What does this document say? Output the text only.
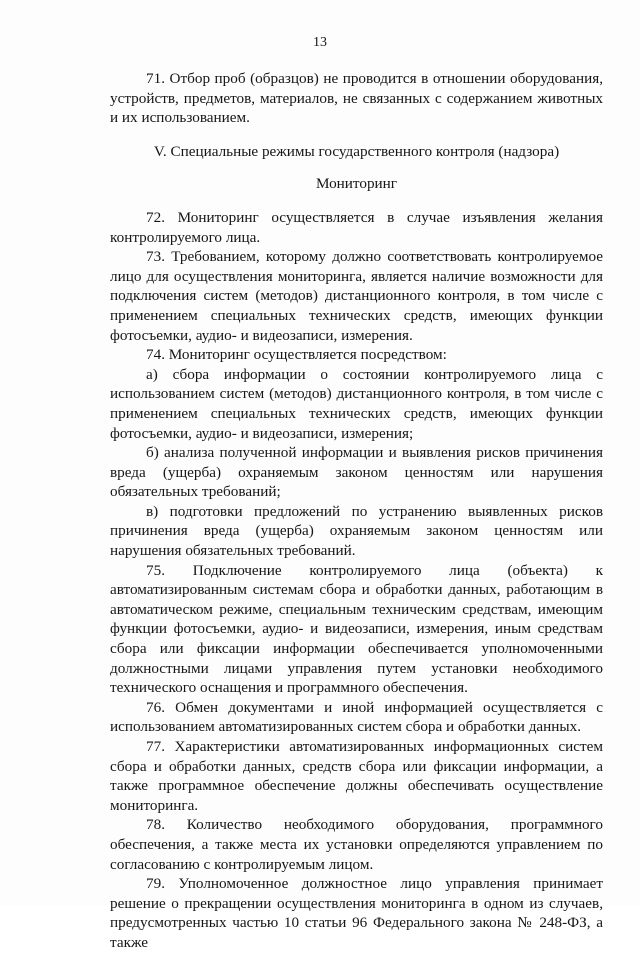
13

71. Отбор проб (образцов) не проводится в отношении оборудования, устройств, предметов, материалов, не связанных с содержанием животных и их использованием.

V. Специальные режимы государственного контроля (надзора)

Мониторинг

72. Мониторинг осуществляется в случае изъявления желания контролируемого лица.

73. Требованием, которому должно соответствовать контролируемое лицо для осуществления мониторинга, является наличие возможности для подключения систем (методов) дистанционного контроля, в том числе с применением специальных технических средств, имеющих функции фотосъемки, аудио- и видеозаписи, измерения.

74. Мониторинг осуществляется посредством:

а) сбора информации о состоянии контролируемого лица с использованием систем (методов) дистанционного контроля, в том числе с применением специальных технических средств, имеющих функции фотосъемки, аудио- и видеозаписи, измерения;

б) анализа полученной информации и выявления рисков причинения вреда (ущерба) охраняемым законом ценностям или нарушения обязательных требований;

в) подготовки предложений по устранению выявленных рисков причинения вреда (ущерба) охраняемым законом ценностям или нарушения обязательных требований.

75. Подключение контролируемого лица (объекта) к автоматизированным системам сбора и обработки данных, работающим в автоматическом режиме, специальным техническим средствам, имеющим функции фотосъемки, аудио- и видеозаписи, измерения, иным средствам сбора или фиксации информации обеспечивается уполномоченными должностными лицами управления путем установки необходимого технического оснащения и программного обеспечения.

76. Обмен документами и иной информацией осуществляется с использованием автоматизированных систем сбора и обработки данных.

77. Характеристики автоматизированных информационных систем сбора и обработки данных, средств сбора или фиксации информации, а также программное обеспечение должны обеспечивать осуществление мониторинга.

78. Количество необходимого оборудования, программного обеспечения, а также места их установки определяются управлением по согласованию с контролируемым лицом.

79. Уполномоченное должностное лицо управления принимает решение о прекращении осуществления мониторинга в одном из случаев, предусмотренных частью 10 статьи 96 Федерального закона № 248-ФЗ, а также
